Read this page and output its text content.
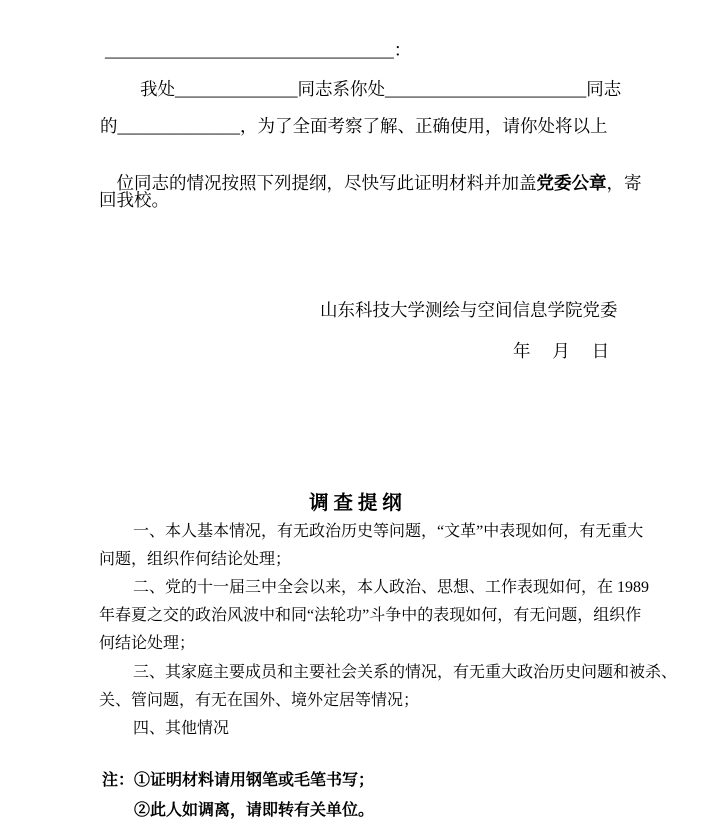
_________________________________：
我处______________同志系你处_______________________同志
的______________，为了全面考察了解、正确使用，请你处将以上

位同志的情况按照下列提纲，尽快写此证明材料并加盖党委公章，寄

回我校。
山东科技大学测绘与空间信息学院党委
年　 月　 日
调 查 提 纲
一、本人基本情况，有无政治历史等问题，“文革”中表现如何，有无重大
问题，组织作何结论处理；
二、党的十一届三中全会以来，本人政治、思想、工作表现如何，在 1989
年春夏之交的政治风波中和同“法轮功”斗争中的表现如何，有无问题，组织作
何结论处理；
三、其家庭主要成员和主要社会关系的情况，有无重大政治历史问题和被杀、
关、管问题，有无在国外、境外定居等情况；
四、其他情况
注：①证明材料请用钢笔或毛笔书写；
②此人如调离，请即转有关单位。
